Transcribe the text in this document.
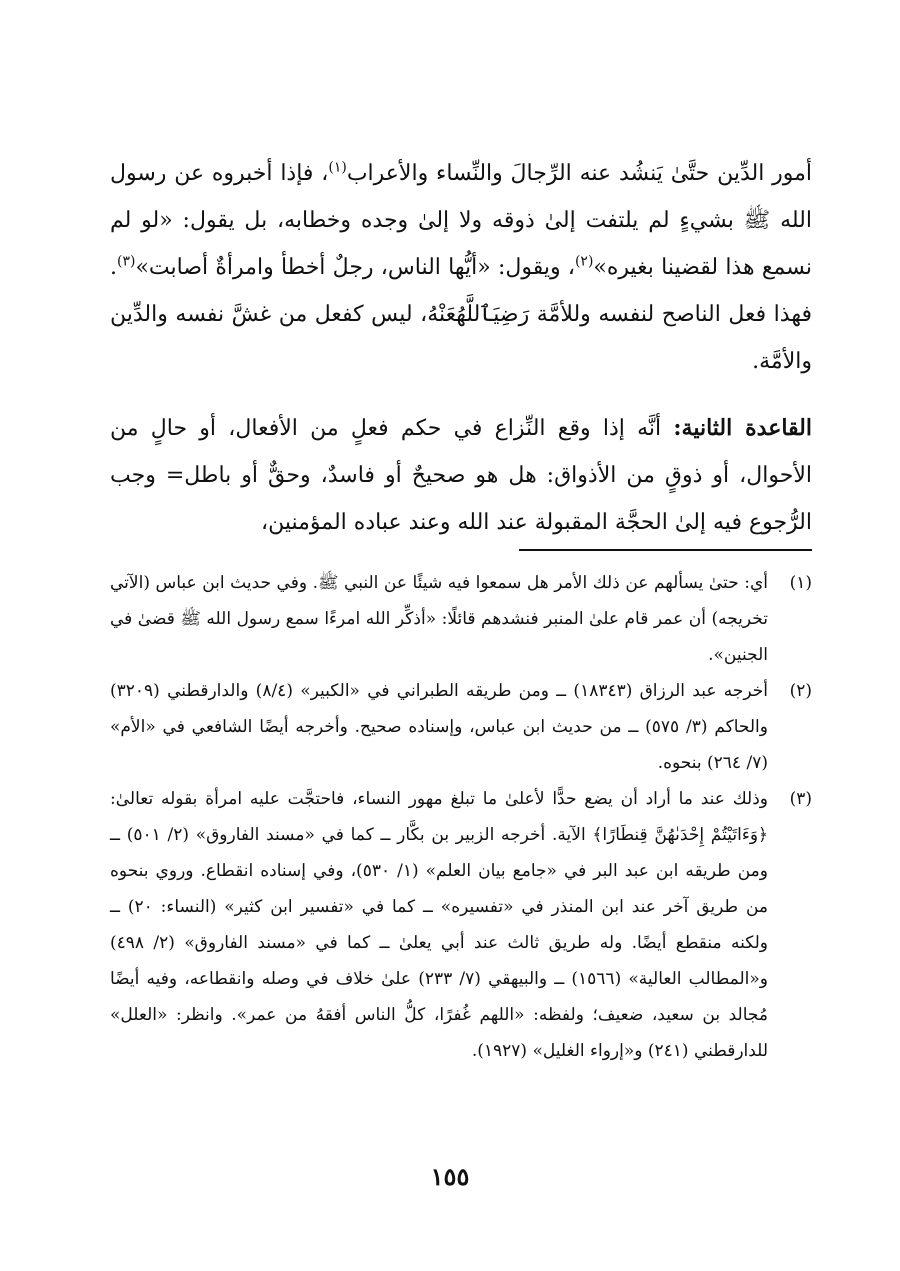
أمور الدِّين حتَّىٰ يَنشُد عنه الرِّجالَ والنِّساء والأعراب$^{(١)}$، فإذا أخبروه عن رسول الله ﷺ بشيءٍ لم يلتفت إلىٰ ذوقه ولا إلىٰ وجده وخطابه، بل يقول: «لو لم نسمع هذا لقضينا بغيره»$^{(٢)}$، ويقول: «أيُّها الناس، رجلٌ أخطأ وامرأةٌ أصابت»$^{(٣)}$. فهذا فعل الناصح لنفسه وللأمَّة رَضِيَٱللَّهُعَنْهُ، ليس كفعل من غشَّ نفسه والدِّين والأمَّة.

القاعدة الثانية: أنَّه إذا وقع النِّزاع في حكم فعلٍ من الأفعال، أو حالٍ من الأحوال، أو ذوقٍ من الأذواق: هل هو صحيحٌ أو فاسدٌ، وحقٌّ أو باطل= وجب الرُّجوع فيه إلىٰ الحجَّة المقبولة عند الله وعند عباده المؤمنين،

(١)
أي: حتىٰ يسألهم عن ذلك الأمر هل سمعوا فيه شيئًا عن النبي ﷺ. وفي حديث ابن عباس (الآتي تخريجه) أن عمر قام علىٰ المنبر فنشدهم قائلًا: «أذكِّر الله امرءًا سمع رسول الله ﷺ قضىٰ في الجنين».
(٢)
أخرجه عبد الرزاق (١٨٣٤٣) ــ ومن طريقه الطبراني في «الكبير» (٨/٤) والدارقطني (٣٢٠٩) والحاكم (٣/ ٥٧٥) ــ من حديث ابن عباس، وإسناده صحيح. وأخرجه أيضًا الشافعي في «الأم» (٧/ ٢٦٤) بنحوه.
(٣)
وذلك عند ما أراد أن يضع حدًّا لأعلىٰ ما تبلغ مهور النساء، فاحتجَّت عليه امرأة بقوله تعالىٰ: ﴿وَءَاتَيْتُمْ إِحْدَىٰهُنَّ قِنطَارًا﴾ الآية. أخرجه الزبير بن بكَّار ــ كما في «مسند الفاروق» (٢/ ٥٠١) ــ ومن طريقه ابن عبد البر في «جامع بيان العلم» (١/ ٥٣٠)، وفي إسناده انقطاع. وروي بنحوه من طريق آخر عند ابن المنذر في «تفسيره» ــ كما في «تفسير ابن كثير» (النساء: ٢٠) ــ ولكنه منقطع أيضًا. وله طريق ثالث عند أبي يعلىٰ ــ كما في «مسند الفاروق» (٢/ ٤٩٨) و«المطالب العالية» (١٥٦٦) ــ والبيهقي (٧/ ٢٣٣) علىٰ خلاف في وصله وانقطاعه، وفيه أيضًا مُجالد بن سعيد، ضعيف؛ ولفظه: «اللهم غُفرًا، كلُّ الناس أفقهُ من عمر». وانظر: «العلل» للدارقطني (٢٤١) و«إرواء الغليل» (١٩٢٧).
١٥٥
